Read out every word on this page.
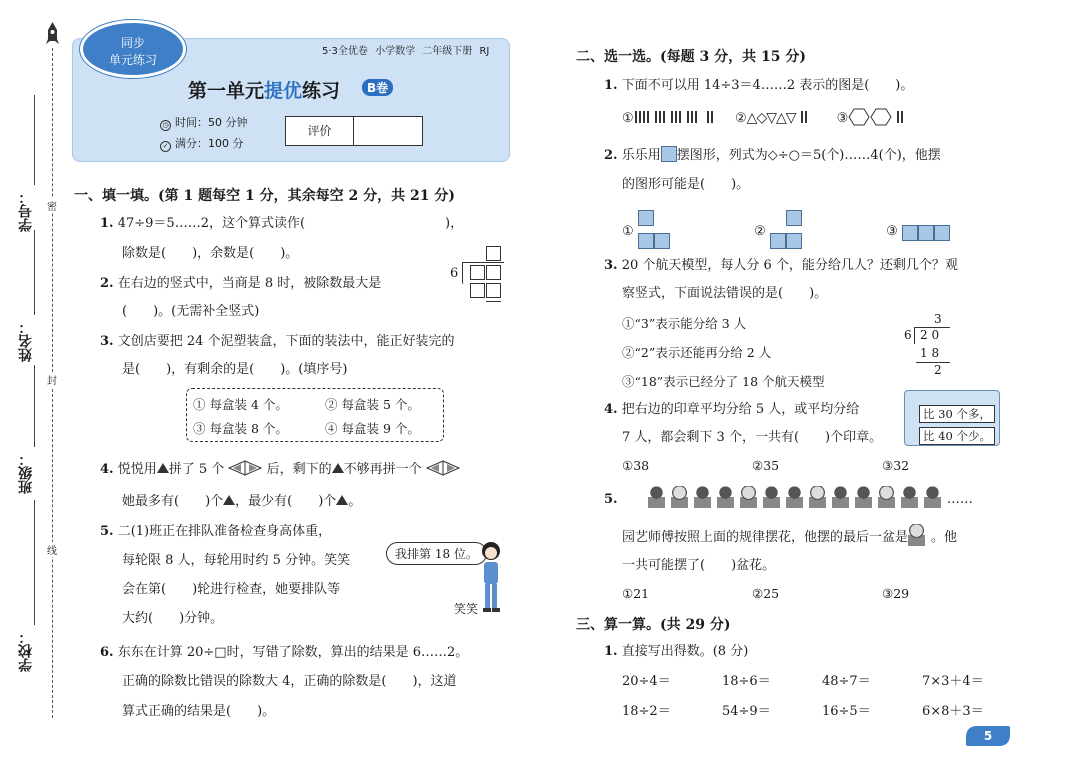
密
封
线
学号：
姓名：
班级：
学校：
同步
单元练习
5·3全优卷 小学数学 二年级下册 RJ
第一单元提优练习	B卷
◷ 时间：50 分钟
✓ 满分：100 分
评价
一、填一填。(第 1 题每空 1 分，其余每空 2 分，共 21 分)
1. 47÷9＝5……2，这个算式读作(	)，
除数是(　　)，余数是(　　)。
2. 在右边的竖式中，当商是 8 时，被除数最大是
(　　)。(无需补全竖式)
6
3. 文创店要把 24 个泥塑装盒，下面的装法中，能正好装完的
是(　　)，有剩余的是(　　)。(填序号)
① 每盒装 4 个。	② 每盒装 5 个。
③ 每盒装 8 个。	④ 每盒装 9 个。
4. 悦悦用 拼了 5 个	后，剩下的 不够再拼一个
她最多有(　　)个 ，最少有(　　)个 。
5. 二(1)班正在排队准备检查身高体重，
每轮限 8 人，每轮用时约 5 分钟。笑笑
会在第(　　)轮进行检查，她要排队等
大约(　　)分钟。
我排第 18 位。
笑笑
6. 东东在计算 20÷□时，写错了除数，算出的结果是 6……2。
正确的除数比错误的除数大 4，正确的除数是(　　)，这道
算式正确的结果是(　　)。
二、选一选。(每题 3 分，共 15 分)
1. 下面不可以用 14÷3＝4……2 表示的图是(　　)。
①	②△◇▽△▽	③
2. 乐乐用 摆图形，列式为◇÷○＝5(个)……4(个)，他摆
的图形可能是(　　)。
①	②	③
3. 20 个航天模型，每人分 6 个，能分给几人？还剩几个？观
察竖式，下面说法错误的是(　　)。
①“3”表示能分给 3 人
②“2”表示还能再分给 2 人
③“18”表示已经分了 18 个航天模型
3
6 2 0
1 8
2
4. 把右边的印章平均分给 5 人，或平均分给
7 人，都会剩下 3 个，一共有(　　)个印章。
比 30 个多，
比 40 个少。
①38	②35	③32
5.	……
园艺师傅按照上面的规律摆花，他摆的最后一盆是 。他
一共可能摆了(　　)盆花。
①21	②25	③29
三、算一算。(共 29 分)
1. 直接写出得数。(8 分)
20÷4＝	18÷6＝	48÷7＝	7×3＋4＝
18÷2＝	54÷9＝	16÷5＝	6×8＋3＝
5
